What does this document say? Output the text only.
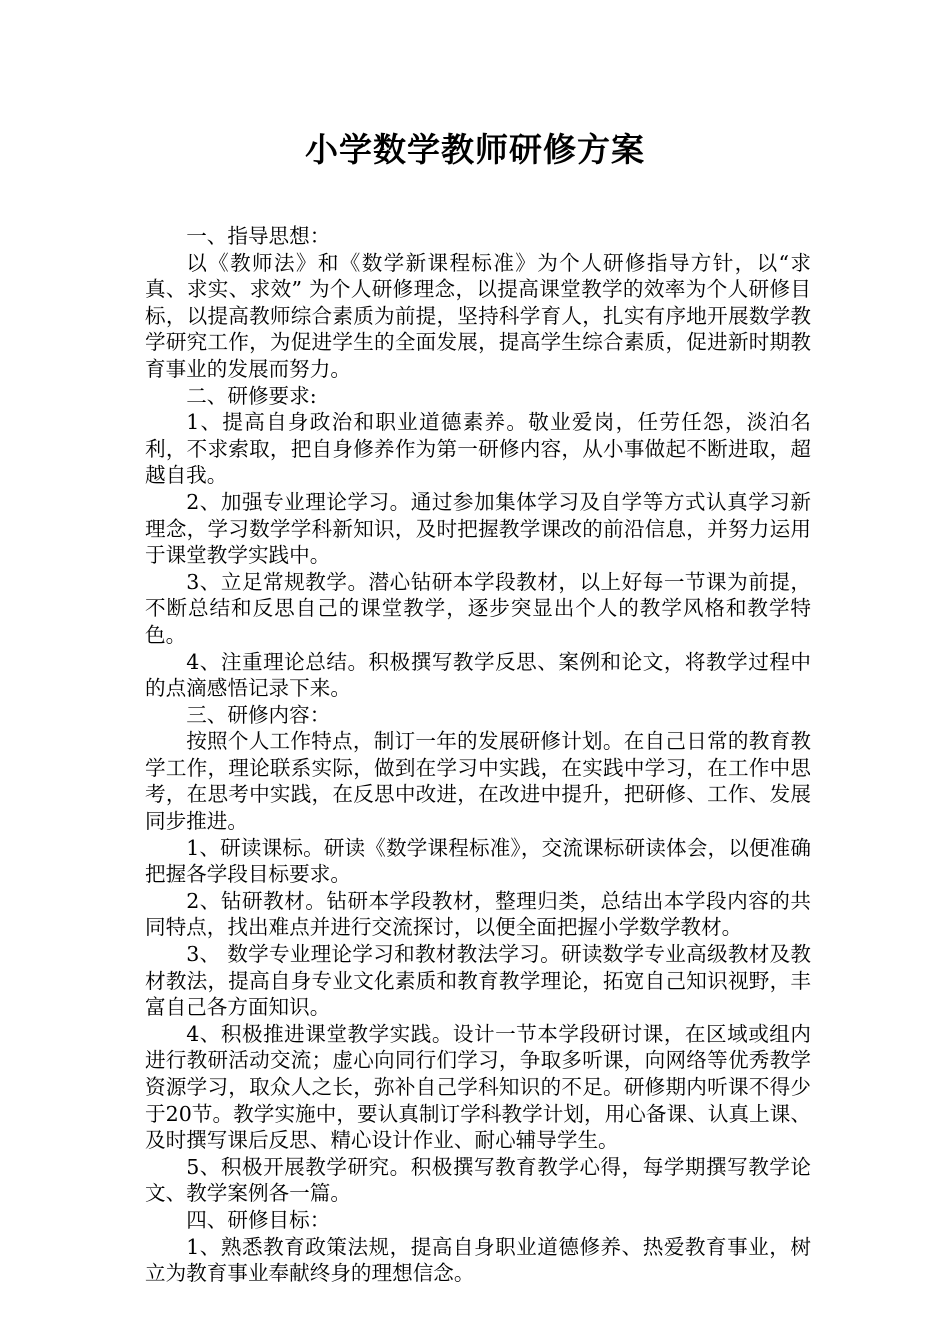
小学数学教师研修方案

一、指导思想：

以《教师法》和《数学新课程标准》为个人研修指导方针，以“求真、求实、求效” 为个人研修理念，以提高课堂教学的效率为个人研修目标，以提高教师综合素质为前提，坚持科学育人，扎实有序地开展数学教学研究工作，为促进学生的全面发展，提高学生综合素质，促进新时期教育事业的发展而努力。

二、研修要求:

1、提高自身政治和职业道德素养。敬业爱岗，任劳任怨，淡泊名利，不求索取，把自身修养作为第一研修内容，从小事做起不断进取，超越自我。

2、加强专业理论学习。通过参加集体学习及自学等方式认真学习新理念，学习数学学科新知识，及时把握教学课改的前沿信息，并努力运用于课堂教学实践中。

3、立足常规教学。潜心钻研本学段教材，以上好每一节课为前提，不断总结和反思自己的课堂教学，逐步突显出个人的教学风格和教学特色。

4、注重理论总结。积极撰写教学反思、案例和论文，将教学过程中的点滴感悟记录下来。

三、研修内容：

按照个人工作特点，制订一年的发展研修计划。在自己日常的教育教学工作，理论联系实际，做到在学习中实践，在实践中学习，在工作中思考，在思考中实践，在反思中改进，在改进中提升，把研修、工作、发展同步推进。

1、研读课标。研读《数学课程标准》，交流课标研读体会，以便准确把握各学段目标要求。

2、钻研教材。钻研本学段教材，整理归类，总结出本学段内容的共同特点，找出难点并进行交流探讨，以便全面把握小学数学教材。

3、 数学专业理论学习和教材教法学习。研读数学专业高级教材及教材教法，提高自身专业文化素质和教育教学理论，拓宽自己知识视野，丰富自己各方面知识。

4、积极推进课堂教学实践。设计一节本学段研讨课，在区域或组内进行教研活动交流；虚心向同行们学习，争取多听课，向网络等优秀教学资源学习，取众人之长，弥补自己学科知识的不足。研修期内听课不得少于20节。教学实施中，要认真制订学科教学计划，用心备课、认真上课、及时撰写课后反思、精心设计作业、耐心辅导学生。

5、积极开展教学研究。积极撰写教育教学心得，每学期撰写教学论文、教学案例各一篇。

四、研修目标：

1、熟悉教育政策法规，提高自身职业道德修养、热爱教育事业，树立为教育事业奉献终身的理想信念。
